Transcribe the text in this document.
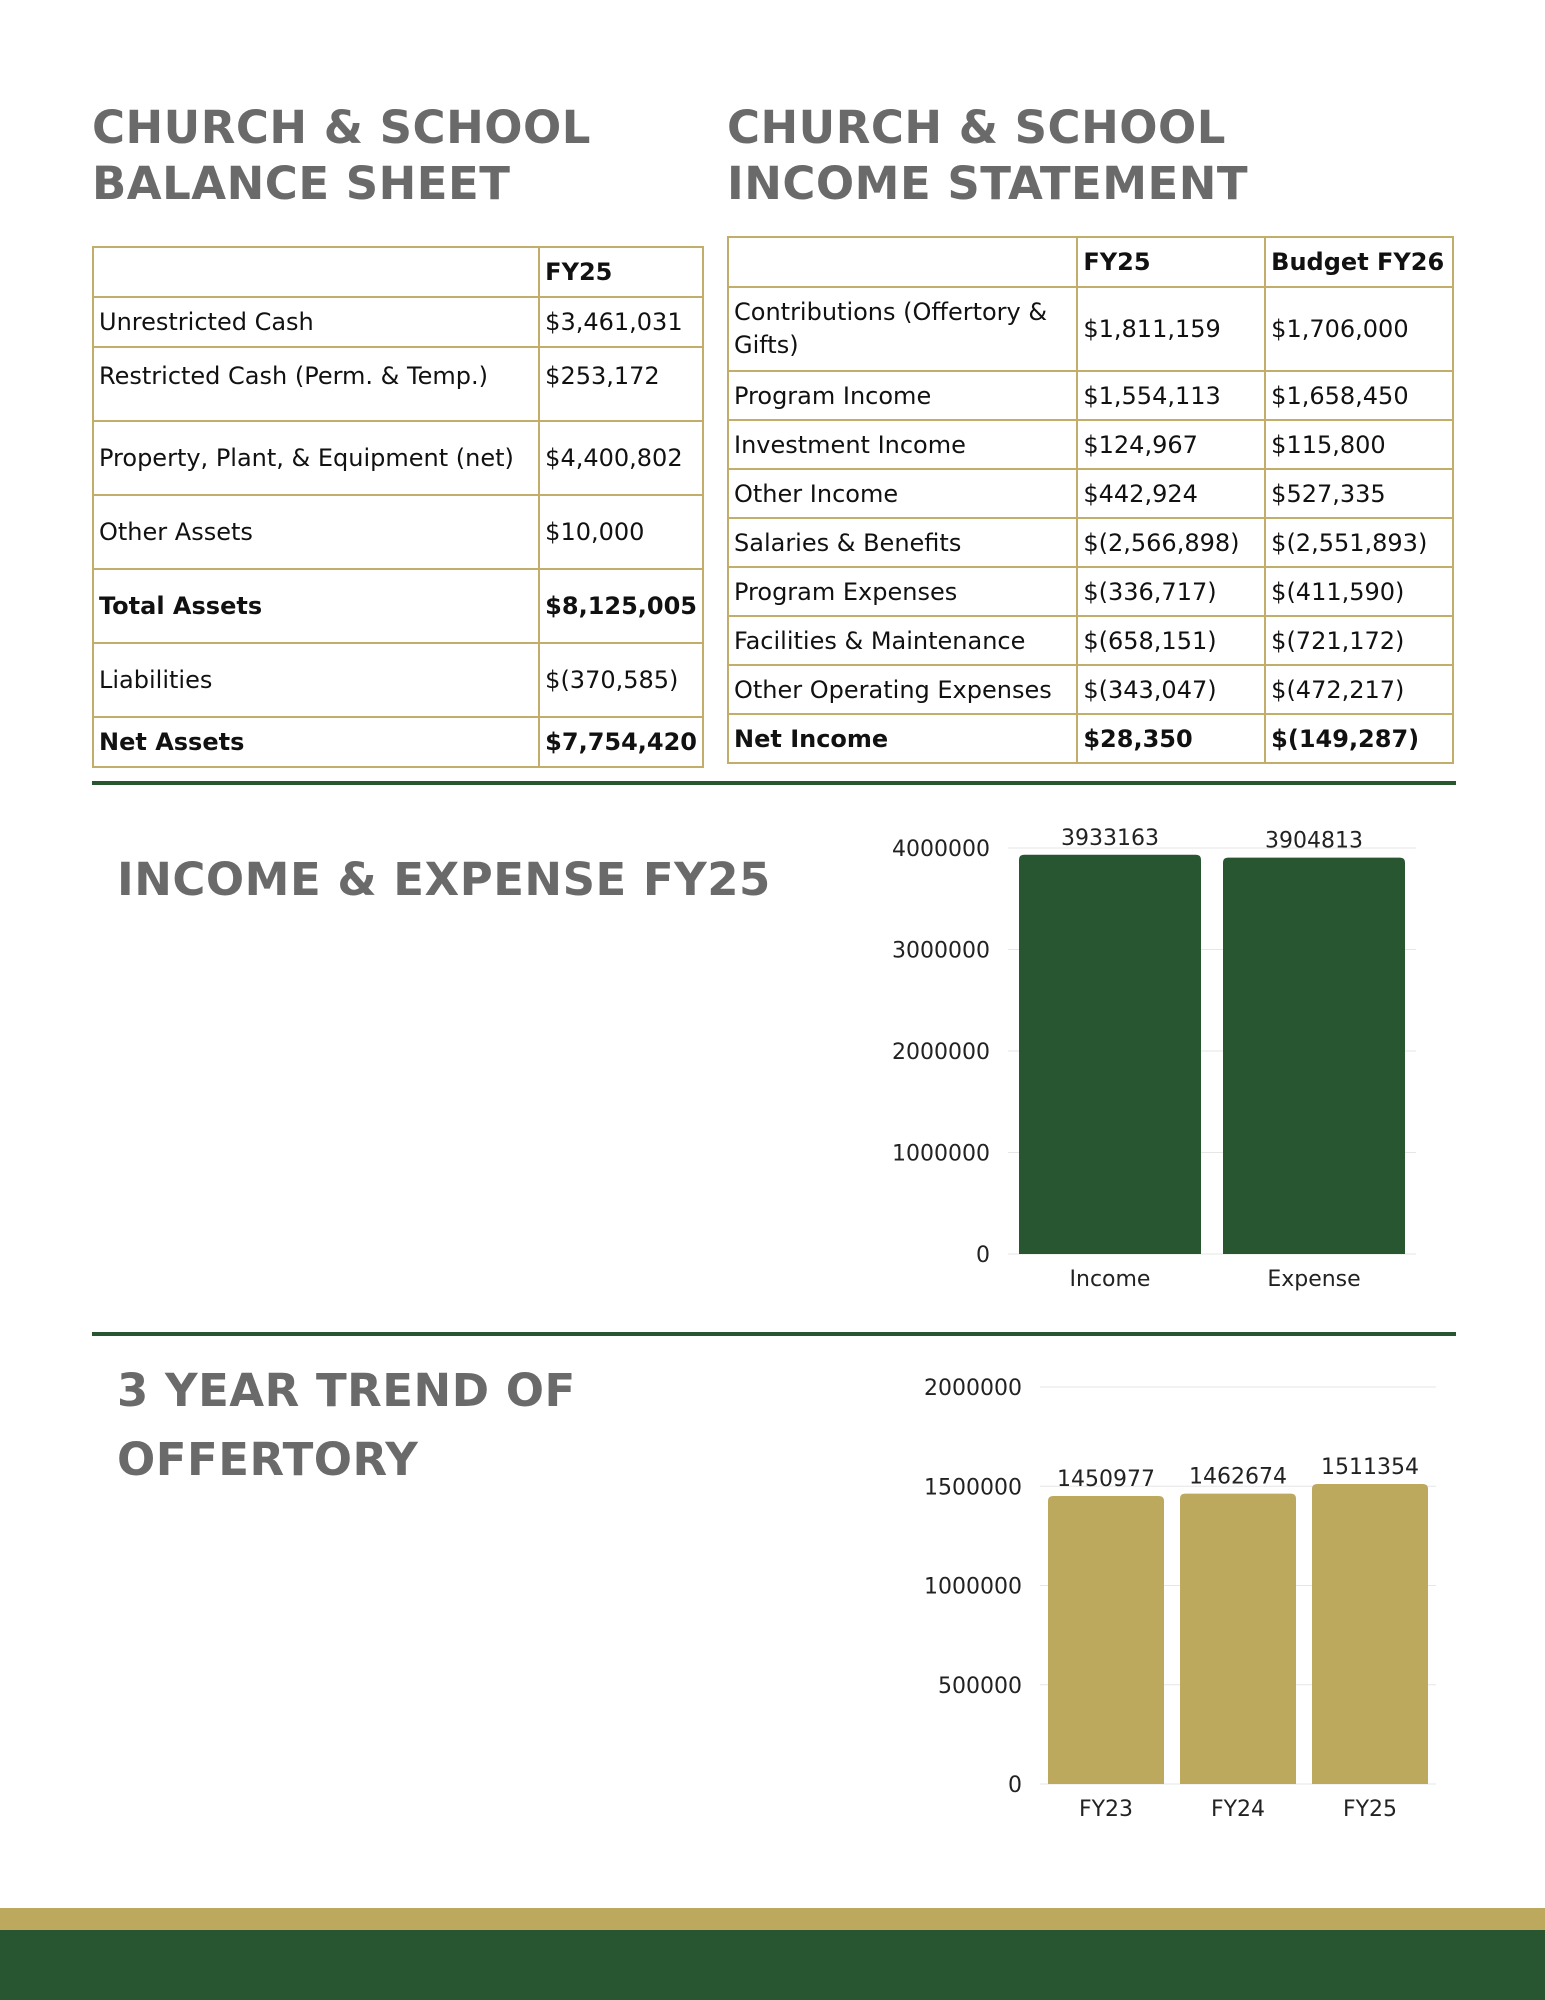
CHURCH & SCHOOL
BALANCE SHEET
	FY25
Unrestricted Cash	$3,461,031
Restricted Cash (Perm. & Temp.)	$253,172
Property, Plant, & Equipment (net)	$4,400,802
Other Assets	$10,000
Total Assets	$8,125,005
Liabilities	$(370,585)
Net Assets	$7,754,420
CHURCH & SCHOOL
INCOME STATEMENT
	FY25	Budget FY26
Contributions (Offertory & Gifts)	$1,811,159	$1,706,000
Program Income	$1,554,113	$1,658,450
Investment Income	$124,967	$115,800
Other Income	$442,924	$527,335
Salaries & Benefits	$(2,566,898)	$(2,551,893)
Program Expenses	$(336,717)	$(411,590)
Facilities & Maintenance	$(658,151)	$(721,172)
Other Operating Expenses	$(343,047)	$(472,217)
Net Income	$28,350	$(149,287)
INCOME & EXPENSE FY25
0
1000000
2000000
3000000
4000000	3933163
Income
3904813
Expense
3 YEAR TREND OF
OFFERTORY
0
500000
1000000
1500000
2000000
1450977
FY23
1462674
FY24
1511354
FY25
